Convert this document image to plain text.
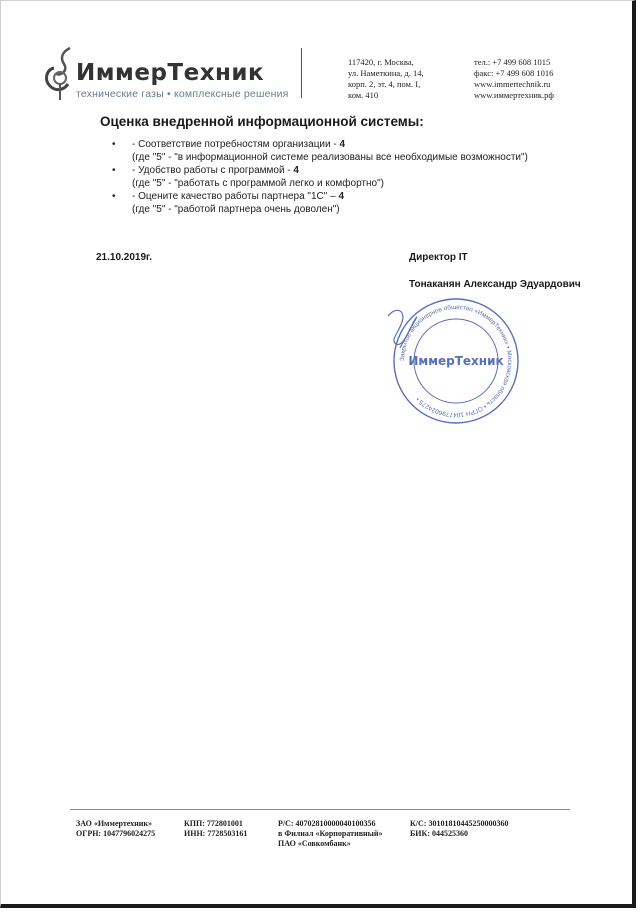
ИммерТехник
технические газы • комплексные решения
117420, г. Москва,
ул. Наметкина, д. 14,
корп. 2, эт. 4, пом. I,
ком. 410
тел.: +7 499 608 1015
факс: +7 499 608 1016
www.immertechnik.ru
www.иммертехник.рф
Оценка внедренной информационной системы:
• - Соответствие потребностям организации - 4
(где "5" - "в информационной системе реализованы все необходимые возможности")
• - Удобство работы с программой - 4
(где "5" - "работать с программой легко и комфортно")
• - Оцените качество работы партнера "1С" – 4
(где "5" - "работой партнера очень доволен")
21.10.2019г.	Директор IT
Тонаканян Александр Эдуардович
Закрытое акционерное общество «ИммерТехник» • Московская область • ОГРН 1047796024275 •
ИммерТехник
ЗАО «Иммертехник»
ОГРН: 1047796024275
КПП: 772801001
ИНН: 7728503161
Р/С: 40702810000040100356
в Филиал «Корпоративный»
ПАО «Совкомбанк»
К/С: 30101810445250000360
БИК: 044525360
